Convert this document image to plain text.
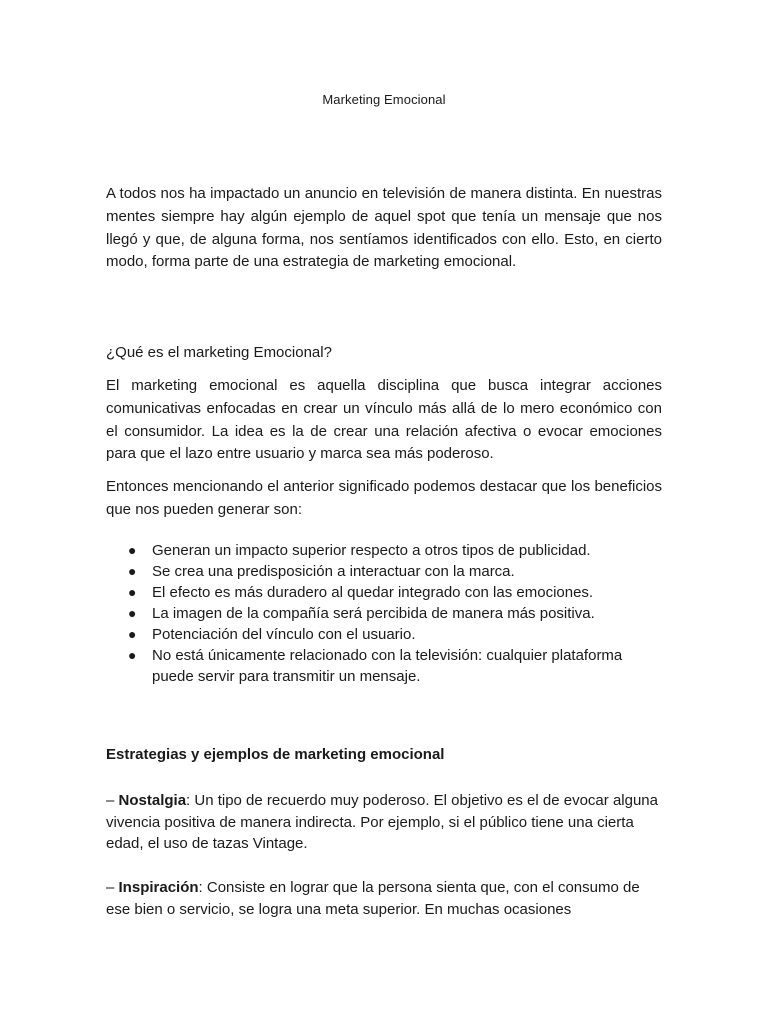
Marketing Emocional

A todos nos ha impactado un anuncio en televisión de manera distinta. En nuestras mentes siempre hay algún ejemplo de aquel spot que tenía un mensaje que nos llegó y que, de alguna forma, nos sentíamos identificados con ello. Esto, en cierto modo, forma parte de una estrategia de marketing emocional.

¿Qué es el marketing Emocional?

El marketing emocional es aquella disciplina que busca integrar acciones comunicativas enfocadas en crear un vínculo más allá de lo mero económico con el consumidor. La idea es la de crear una relación afectiva o evocar emociones para que el lazo entre usuario y marca sea más poderoso.

Entonces mencionando el anterior significado podemos destacar que los beneficios que nos pueden generar son:

● Generan un impacto superior respecto a otros tipos de publicidad.
● Se crea una predisposición a interactuar con la marca.
● El efecto es más duradero al quedar integrado con las emociones.
● La imagen de la compañía será percibida de manera más positiva.
● Potenciación del vínculo con el usuario.
● No está únicamente relacionado con la televisión: cualquier plataforma puede servir para transmitir un mensaje.

Estrategias y ejemplos de marketing emocional

– Nostalgia: Un tipo de recuerdo muy poderoso. El objetivo es el de evocar alguna vivencia positiva de manera indirecta. Por ejemplo, si el público tiene una cierta edad, el uso de tazas Vintage.

– Inspiración: Consiste en lograr que la persona sienta que, con el consumo de ese bien o servicio, se logra una meta superior. En muchas ocasiones
